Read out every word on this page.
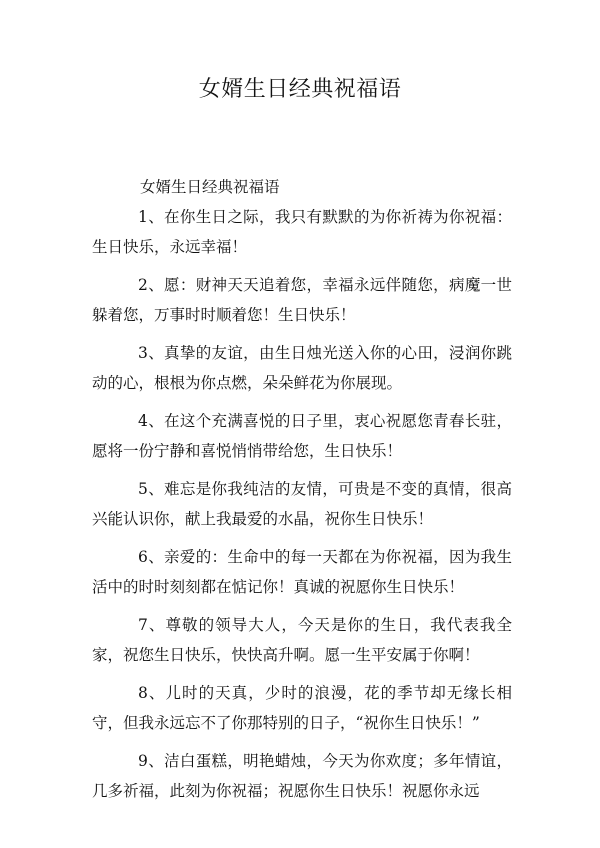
女婿生日经典祝福语

女婿生日经典祝福语

1、在你生日之际，我只有默默的为你祈祷为你祝福：生日快乐，永远幸福！

2、愿：财神天天追着您，幸福永远伴随您，病魔一世躲着您，万事时时顺着您！生日快乐！

3、真挚的友谊，由生日烛光送入你的心田，浸润你跳动的心，根根为你点燃，朵朵鲜花为你展现。

4、在这个充满喜悦的日子里，衷心祝愿您青春长驻，愿将一份宁静和喜悦悄悄带给您，生日快乐！

5、难忘是你我纯洁的友情，可贵是不变的真情，很高兴能认识你，献上我最爱的水晶，祝你生日快乐！

6、亲爱的：生命中的每一天都在为你祝福，因为我生活中的时时刻刻都在惦记你！真诚的祝愿你生日快乐！

7、尊敬的领导大人，今天是你的生日，我代表我全家，祝您生日快乐，快快高升啊。愿一生平安属于你啊！

8、儿时的天真，少时的浪漫，花的季节却无缘长相守，但我永远忘不了你那特别的日子，“祝你生日快乐！”

9、洁白蛋糕，明艳蜡烛，今天为你欢度；多年情谊，几多祈福，此刻为你祝福；祝愿你生日快乐！祝愿你永远
